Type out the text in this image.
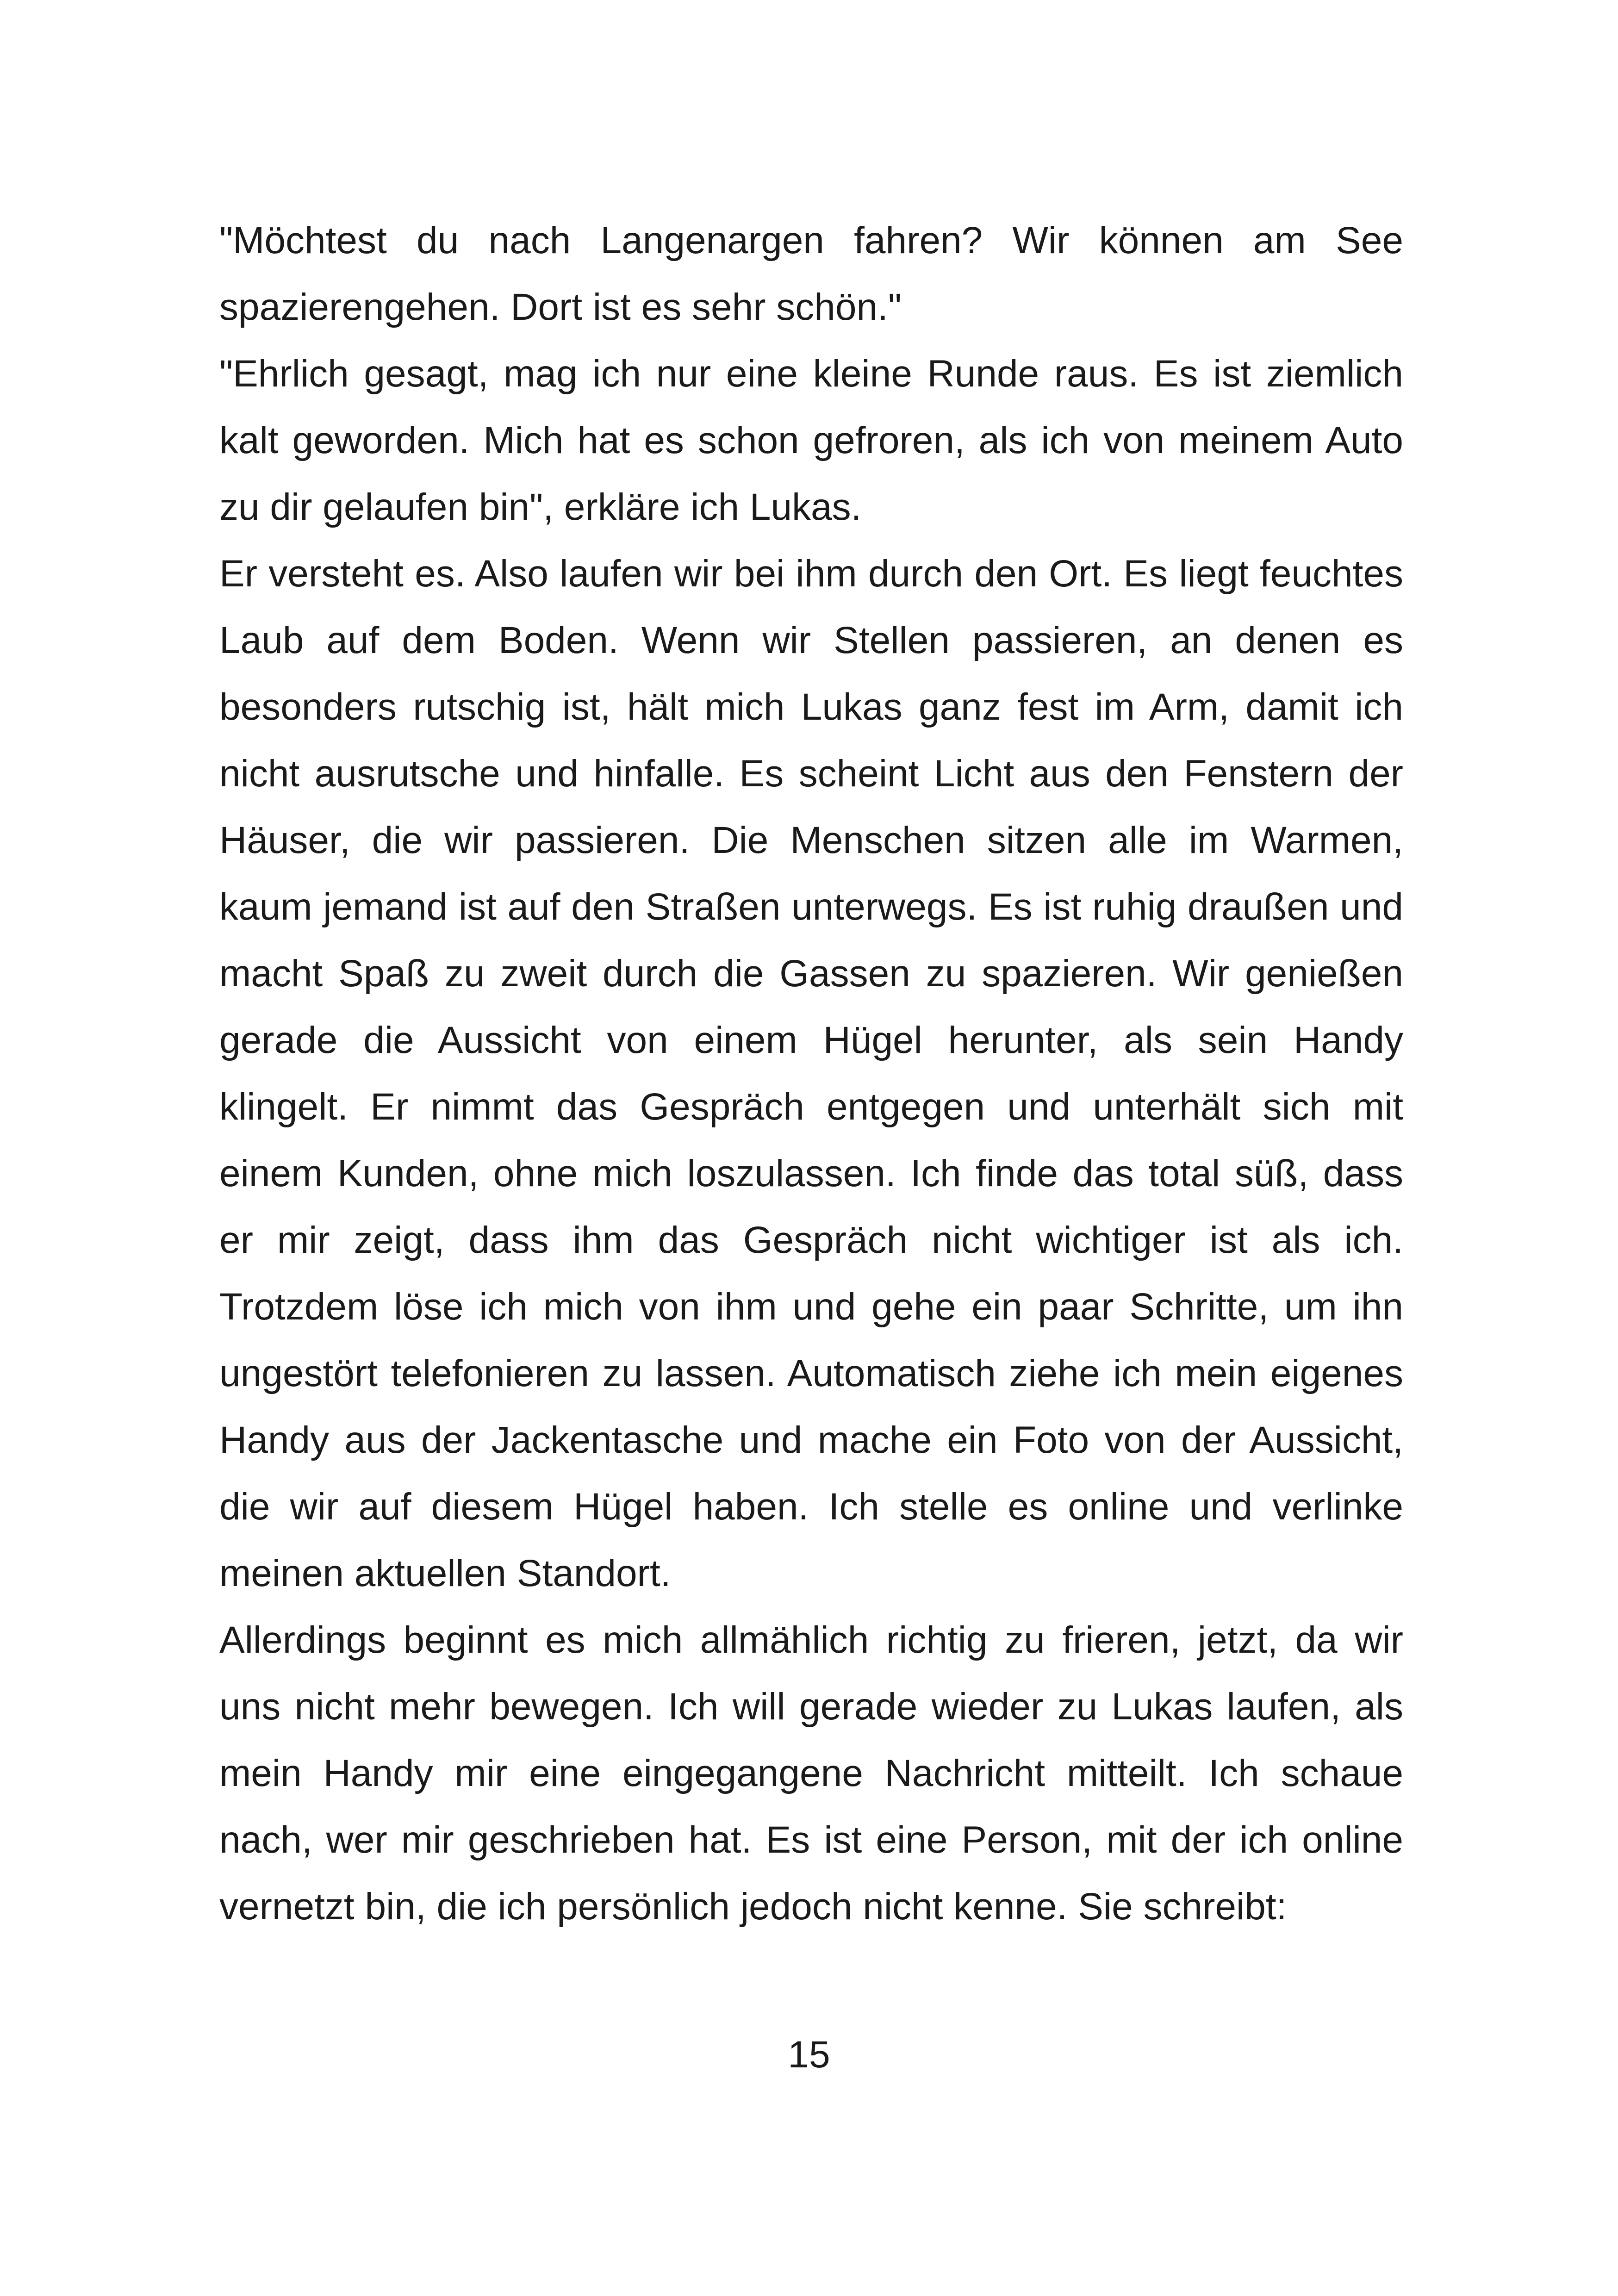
"Möchtest du nach Langenargen fahren? Wir können am See spazierengehen. Dort ist es sehr schön."

"Ehrlich gesagt, mag ich nur eine kleine Runde raus. Es ist ziemlich kalt geworden. Mich hat es schon gefroren, als ich von meinem Auto zu dir gelaufen bin", erkläre ich Lukas.

Er versteht es. Also laufen wir bei ihm durch den Ort. Es liegt feuchtes Laub auf dem Boden. Wenn wir Stellen passieren, an denen es besonders rutschig ist, hält mich Lukas ganz fest im Arm, damit ich nicht ausrutsche und hinfalle. Es scheint Licht aus den Fenstern der Häuser, die wir passieren. Die Menschen sitzen alle im Warmen, kaum jemand ist auf den Straßen unterwegs. Es ist ruhig draußen und macht Spaß zu zweit durch die Gassen zu spazieren. Wir genießen gerade die Aussicht von einem Hügel herunter, als sein Handy klingelt. Er nimmt das Gespräch entgegen und unterhält sich mit einem Kunden, ohne mich loszulassen. Ich finde das total süß, dass er mir zeigt, dass ihm das Gespräch nicht wichtiger ist als ich. Trotzdem löse ich mich von ihm und gehe ein paar Schritte, um ihn ungestört telefonieren zu lassen. Automatisch ziehe ich mein eigenes Handy aus der Jackentasche und mache ein Foto von der Aussicht, die wir auf diesem Hügel haben. Ich stelle es online und verlinke meinen aktuellen Standort.

Allerdings beginnt es mich allmählich richtig zu frieren, jetzt, da wir uns nicht mehr bewegen. Ich will gerade wieder zu Lukas laufen, als mein Handy mir eine eingegangene Nachricht mitteilt. Ich schaue nach, wer mir geschrieben hat. Es ist eine Person, mit der ich online vernetzt bin, die ich persönlich jedoch nicht kenne. Sie schreibt:

15
